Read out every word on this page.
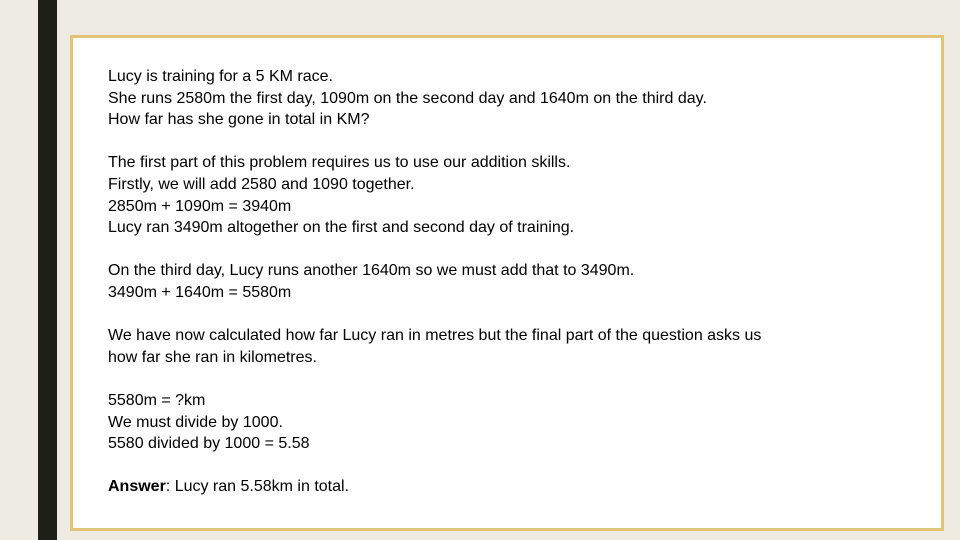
Lucy is training for a 5 KM race.
She runs 2580m the first day, 1090m on the second day and 1640m on the third day.
How far has she gone in total in KM?

The first part of this problem requires us to use our addition skills.
Firstly, we will add 2580 and 1090 together.
2850m + 1090m = 3940m
Lucy ran 3490m altogether on the first and second day of training.

On the third day, Lucy runs another 1640m so we must add that to 3490m.
3490m + 1640m = 5580m

We have now calculated how far Lucy ran in metres but the final part of the question asks us
how far she ran in kilometres.

5580m = ?km
We must divide by 1000.
5580 divided by 1000 = 5.58

Answer: Lucy ran 5.58km in total.
